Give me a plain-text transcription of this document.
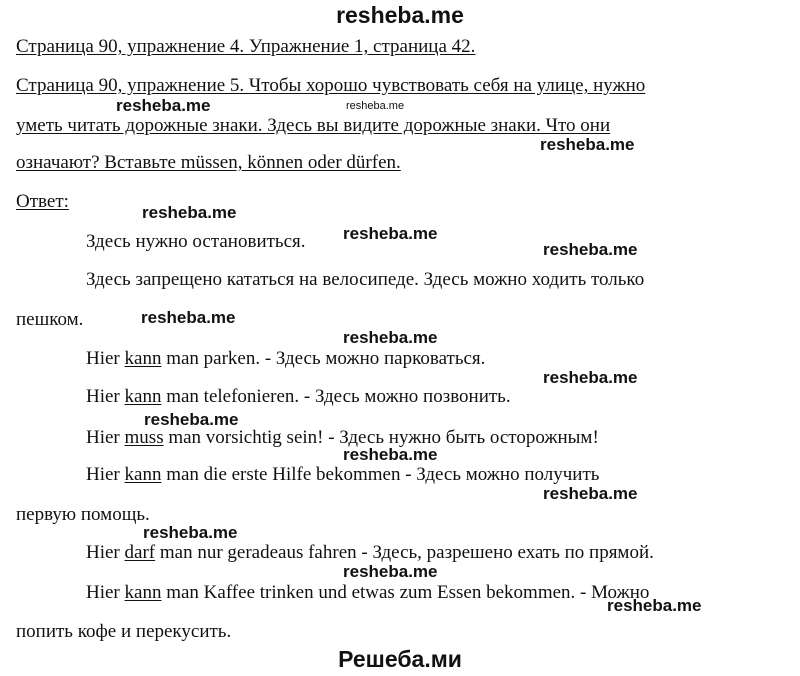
resheba.me
Страница 90, упражнение 4. Упражнение 1, страница 42.
Страница 90, упражнение 5. Чтобы хорошо чувствовать себя на улице, нужно
уметь читать дорожные знаки. Здесь вы видите дорожные знаки. Что они
означают? Вставьте müssen, können oder dürfen.
Ответ:
Здесь нужно остановиться.
Здесь запрещено кататься на велосипеде. Здесь можно ходить только
пешком.
Hier kann man parken. - Здесь можно парковаться.
Hier kann man telefonieren. - Здесь можно позвонить.
Hier muss man vorsichtig sein! - Здесь нужно быть осторожным!
Hier kann man die erste Hilfe bekommen - Здесь можно получить
первую помощь.
Hier darf man nur geradeaus fahren - Здесь, разрешено ехать по прямой.
Hier kann man Kaffee trinken und etwas zum Essen bekommen. - Можно
попить кофе и перекусить.
resheba.me	resheba.me
resheba.me
resheba.me
resheba.me
resheba.me
resheba.me
resheba.me
resheba.me
resheba.me
resheba.me
resheba.me
resheba.me
resheba.me
resheba.me
Решеба.ми
